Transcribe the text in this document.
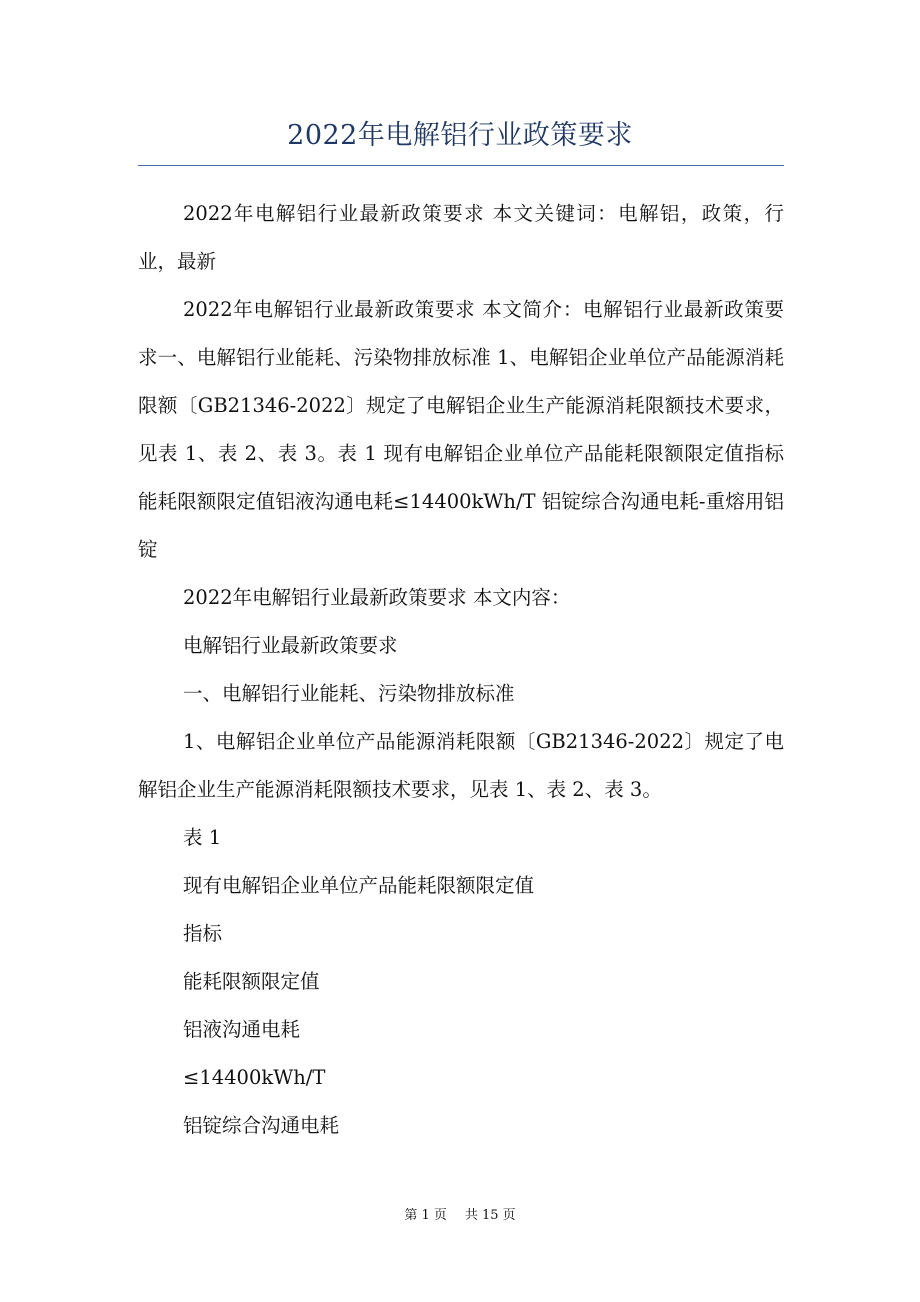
2022年电解铝行业政策要求

2022年电解铝行业最新政策要求 本文关键词：电解铝，政策，行业，最新

2022年电解铝行业最新政策要求 本文简介：电解铝行业最新政策要求一、电解铝行业能耗、污染物排放标准 1、电解铝企业单位产品能源消耗限额〔GB21346-2022〕规定了电解铝企业生产能源消耗限额技术要求，见表 1、表 2、表 3。表 1 现有电解铝企业单位产品能耗限额限定值指标能耗限额限定值铝液沟通电耗≤14400kWh/T 铝锭综合沟通电耗-重熔用铝锭

2022年电解铝行业最新政策要求 本文内容：

电解铝行业最新政策要求

一、电解铝行业能耗、污染物排放标准

1、电解铝企业单位产品能源消耗限额〔GB21346-2022〕规定了电解铝企业生产能源消耗限额技术要求，见表 1、表 2、表 3。

表 1

现有电解铝企业单位产品能耗限额限定值

指标

能耗限额限定值

铝液沟通电耗

≤14400kWh/T

铝锭综合沟通电耗

第 1 页 共 15 页
